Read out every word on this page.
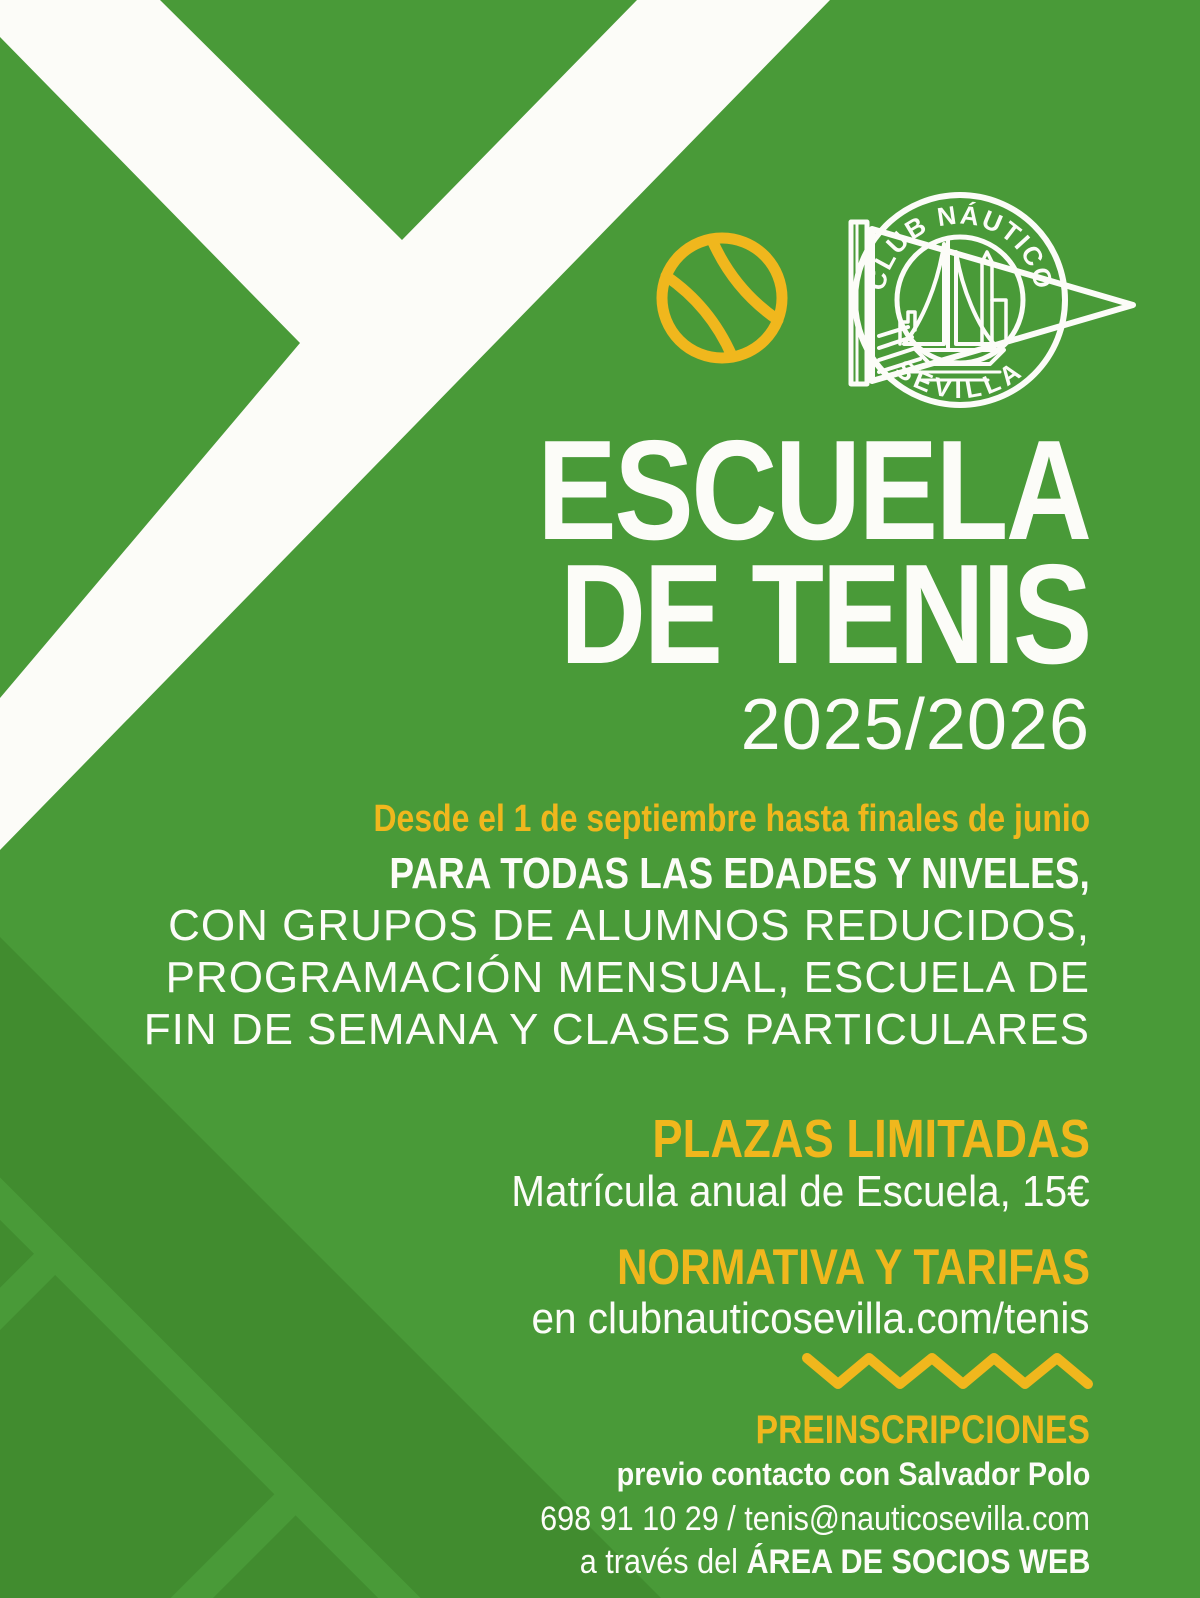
CLUB NÁUTICO
SEVILLA
ESCUELA
DE TENIS
2025/2026
Desde el 1 de septiembre hasta finales de junio
PARA TODAS LAS EDADES Y NIVELES,
CON GRUPOS DE ALUMNOS REDUCIDOS,
PROGRAMACIÓN MENSUAL, ESCUELA DE
FIN DE SEMANA Y CLASES PARTICULARES
PLAZAS LIMITADAS
Matrícula anual de Escuela, 15€
NORMATIVA Y TARIFAS
en clubnauticosevilla.com/tenis
PREINSCRIPCIONES
previo contacto con Salvador Polo
698 91 10 29 / tenis@nauticosevilla.com
a través del ÁREA DE SOCIOS WEB
